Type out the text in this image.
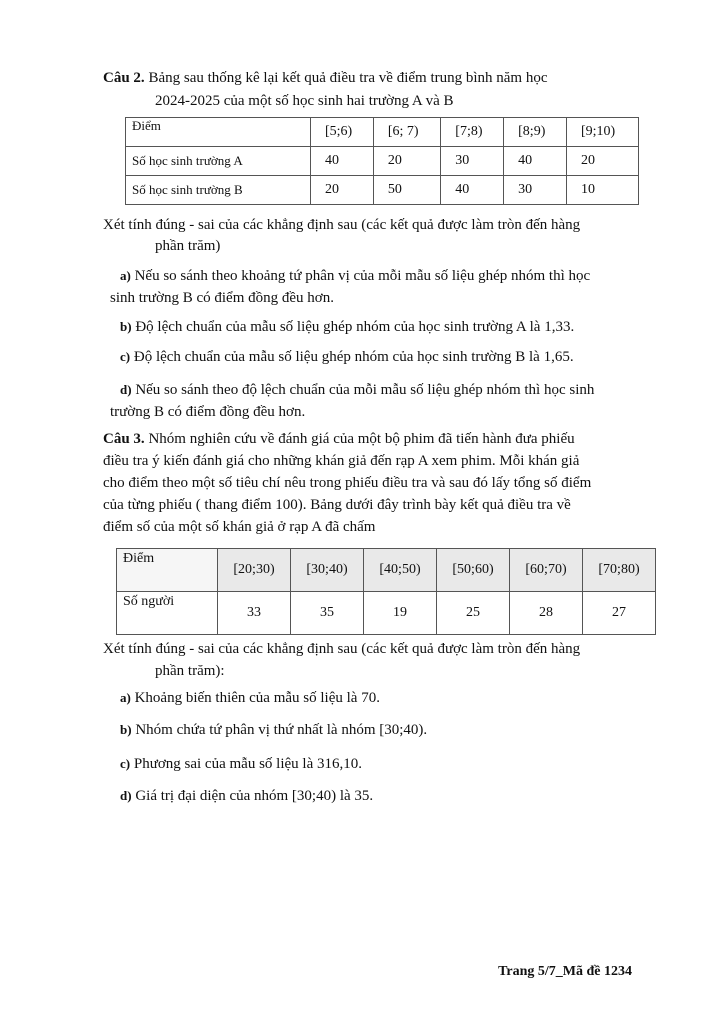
Câu 2. Bảng sau thống kê lại kết quả điều tra về điểm trung bình năm học
2024-2025 của một số học sinh hai trường A và B
Điểm	[5;6)	[6; 7)	[7;8)	[8;9)	[9;10)
Số học sinh trường A	40	20	30	40	20
Số học sinh trường B	20	50	40	30	10
Xét tính đúng - sai của các khẳng định sau (các kết quả được làm tròn đến hàng
phần trăm)
a) Nếu so sánh theo khoảng tứ phân vị của mỗi mẫu số liệu ghép nhóm thì học
sinh trường B có điểm đồng đều hơn.
b) Độ lệch chuẩn của mẫu số liệu ghép nhóm của học sinh trường A là 1,33.
c) Độ lệch chuẩn của mẫu số liệu ghép nhóm của học sinh trường B là 1,65.
d) Nếu so sánh theo độ lệch chuẩn của mỗi mẫu số liệu ghép nhóm thì học sinh
trường B có điểm đồng đều hơn.
Câu 3. Nhóm nghiên cứu về đánh giá của một bộ phim đã tiến hành đưa phiếu
điều tra ý kiến đánh giá cho những khán giả đến rạp A xem phim. Mỗi khán giả
cho điểm theo một số tiêu chí nêu trong phiếu điều tra và sau đó lấy tổng số điểm
của từng phiếu ( thang điểm 100). Bảng dưới đây trình bày kết quả điều tra về
điểm số của một số khán giả ở rạp A đã chấm
Điểm	[20;30)	[30;40)	[40;50)	[50;60)	[60;70)	[70;80)
Số người	33	35	19	25	28	27
Xét tính đúng - sai của các khẳng định sau (các kết quả được làm tròn đến hàng
phần trăm):
a) Khoảng biến thiên của mẫu số liệu là 70.
b) Nhóm chứa tứ phân vị thứ nhất là nhóm [30;40).
c) Phương sai của mẫu số liệu là 316,10.
d) Giá trị đại diện của nhóm [30;40) là 35.
Trang 5/7_Mã đề 1234
